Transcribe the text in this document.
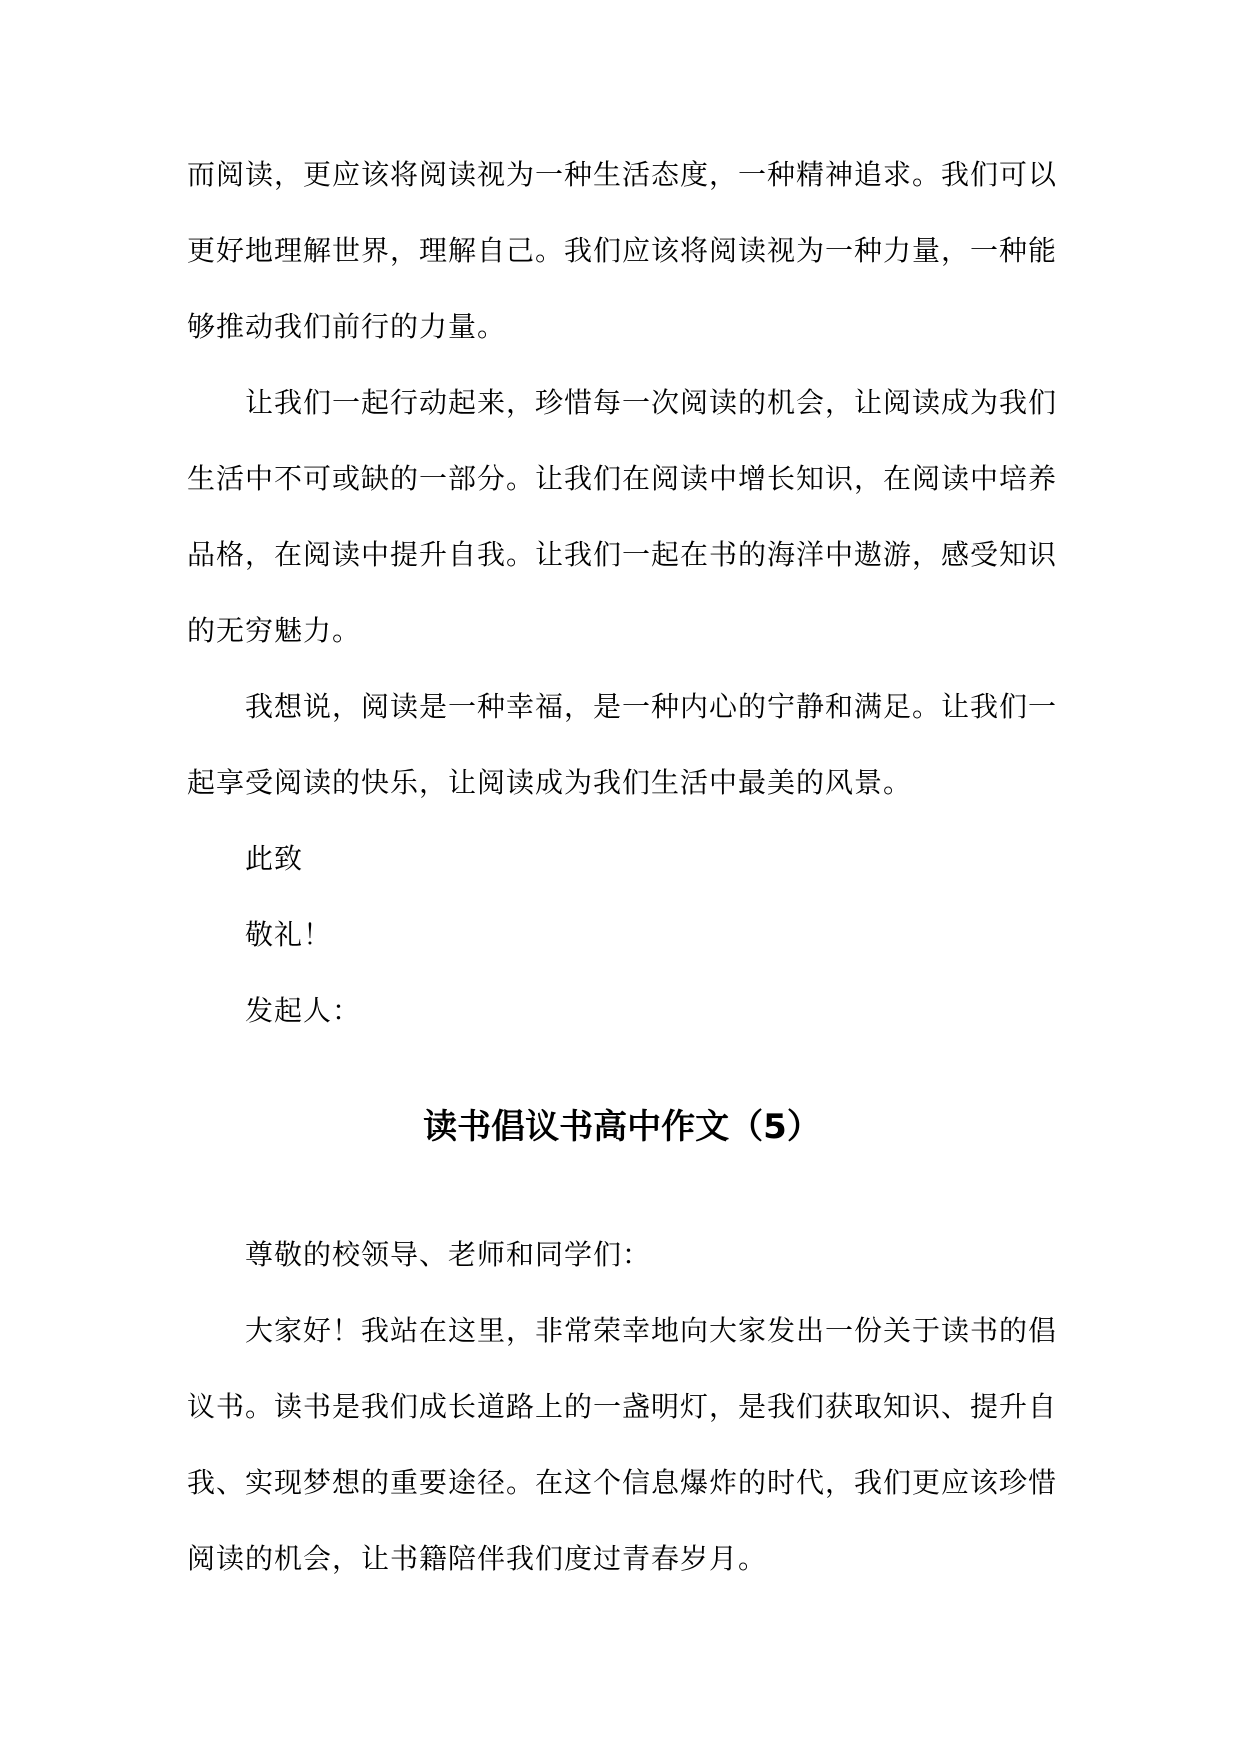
而阅读，更应该将阅读视为一种生活态度，一种精神追求。我们可以更好地理解世界，理解自己。我们应该将阅读视为一种力量，一种能够推动我们前行的力量。

让我们一起行动起来，珍惜每一次阅读的机会，让阅读成为我们生活中不可或缺的一部分。让我们在阅读中增长知识，在阅读中培养品格，在阅读中提升自我。让我们一起在书的海洋中遨游，感受知识的无穷魅力。

我想说，阅读是一种幸福，是一种内心的宁静和满足。让我们一起享受阅读的快乐，让阅读成为我们生活中最美的风景。

此致

敬礼！

发起人：

读书倡议书高中作文（5）

尊敬的校领导、老师和同学们：

大家好！我站在这里，非常荣幸地向大家发出一份关于读书的倡议书。读书是我们成长道路上的一盏明灯，是我们获取知识、提升自我、实现梦想的重要途径。在这个信息爆炸的时代，我们更应该珍惜阅读的机会，让书籍陪伴我们度过青春岁月。
